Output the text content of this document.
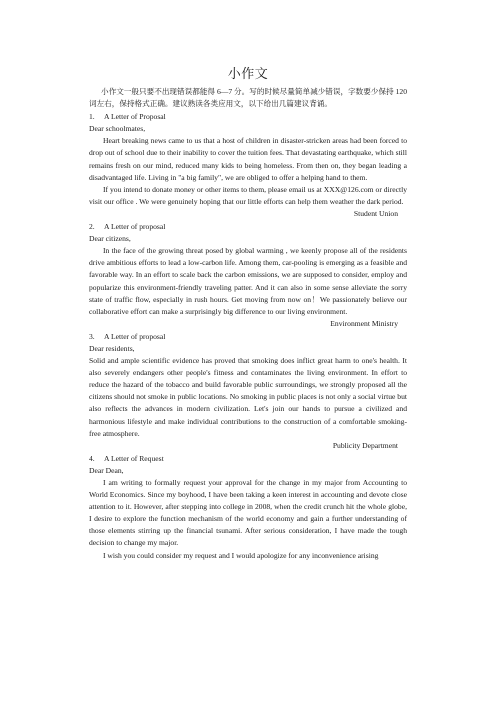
小作文

小作文一般只要不出现错误都能得 6—7 分。写的时候尽量简单减少错误，字数要少保持 120 词左右，保持格式正确。建议熟读各类应用文，以下给出几篇建议背诵。

1. A Letter of Proposal

Dear schoolmates,

Heart breaking news came to us that a host of children in disaster-stricken areas had been forced to drop out of school due to their inability to cover the tuition fees. That devastating earthquake, which still remains fresh on our mind, reduced many kids to being homeless. From then on, they began leading a disadvantaged life. Living in "a big family", we are obliged to offer a helping hand to them.

If you intend to donate money or other items to them, please email us at XXX@126.com or directly visit our office . We were genuinely hoping that our little efforts can help them weather the dark period.

Student Union

2. A Letter of proposal

Dear citizens,

In the face of the growing threat posed by global warming , we keenly propose all of the residents drive ambitious efforts to lead a low-carbon life. Among them, car-pooling is emerging as a feasible and favorable way. In an effort to scale back the carbon emissions, we are supposed to consider, employ and popularize this environment-friendly traveling patter. And it can also in some sense alleviate the sorry state of traffic flow, especially in rush hours. Get moving from now on！We passionately believe our collaborative effort can make a surprisingly big difference to our living environment.

Environment Ministry

3. A Letter of proposal

Dear residents,

Solid and ample scientific evidence has proved that smoking does inflict great harm to one's health. It also severely endangers other people's fitness and contaminates the living environment. In effort to reduce the hazard of the tobacco and build favorable public surroundings, we strongly proposed all the citizens should not smoke in public locations. No smoking in public places is not only a social virtue but also reflects the advances in modern civilization. Let's join our hands to pursue a civilized and harmonious lifestyle and make individual contributions to the construction of a comfortable smoking-free atmosphere.

Publicity Department

4. A Letter of Request

Dear Dean,

I am writing to formally request your approval for the change in my major from Accounting to World Economics. Since my boyhood, I have been taking a keen interest in accounting and devote close attention to it. However, after stepping into college in 2008, when the credit crunch hit the whole globe, I desire to explore the function mechanism of the world economy and gain a further understanding of those elements stirring up the financial tsunami. After serious consideration, I have made the tough decision to change my major.

I wish you could consider my request and I would apologize for any inconvenience arising
